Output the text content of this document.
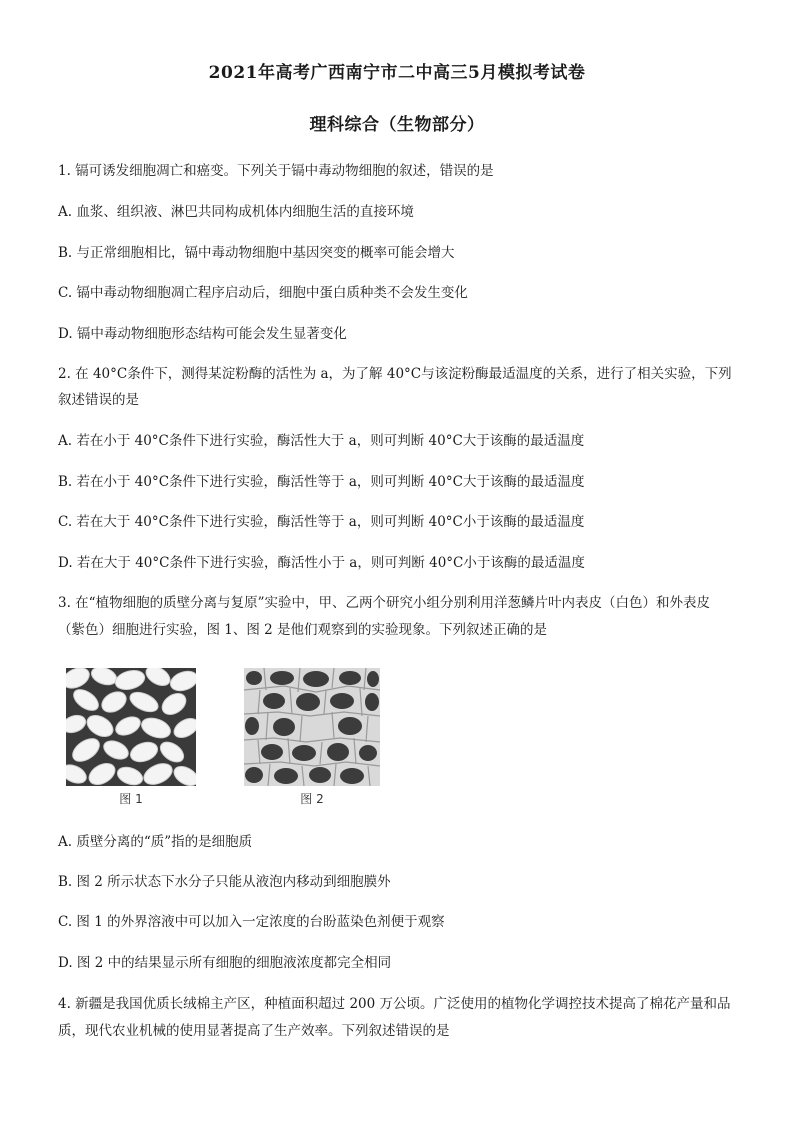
2021年高考广西南宁市二中高三5月模拟考试卷
理科综合（生物部分）
1. 镉可诱发细胞凋亡和癌变。下列关于镉中毒动物细胞的叙述，错误的是
A. 血浆、组织液、淋巴共同构成机体内细胞生活的直接环境
B. 与正常细胞相比，镉中毒动物细胞中基因突变的概率可能会增大
C. 镉中毒动物细胞凋亡程序启动后，细胞中蛋白质种类不会发生变化
D. 镉中毒动物细胞形态结构可能会发生显著变化
2. 在 40°C条件下，测得某淀粉酶的活性为 a，为了解 40°C与该淀粉酶最适温度的关系，进行了相关实验，下列
叙述错误的是
A. 若在小于 40°C条件下进行实验，酶活性大于 a，则可判断 40°C大于该酶的最适温度
B. 若在小于 40°C条件下进行实验，酶活性等于 a，则可判断 40°C大于该酶的最适温度
C. 若在大于 40°C条件下进行实验，酶活性等于 a，则可判断 40°C小于该酶的最适温度
D. 若在大于 40°C条件下进行实验，酶活性小于 a，则可判断 40°C小于该酶的最适温度
3. 在“植物细胞的质壁分离与复原”实验中，甲、乙两个研究小组分别利用洋葱鳞片叶内表皮（白色）和外表皮
（紫色）细胞进行实验，图 1、图 2 是他们观察到的实验现象。下列叙述正确的是
图 1	图 2
A. 质壁分离的“质”指的是细胞质
B. 图 2 所示状态下水分子只能从液泡内移动到细胞膜外
C. 图 1 的外界溶液中可以加入一定浓度的台盼蓝染色剂便于观察
D. 图 2 中的结果显示所有细胞的细胞液浓度都完全相同
4. 新疆是我国优质长绒棉主产区，种植面积超过 200 万公顷。广泛使用的植物化学调控技术提高了棉花产量和品
质，现代农业机械的使用显著提高了生产效率。下列叙述错误的是
